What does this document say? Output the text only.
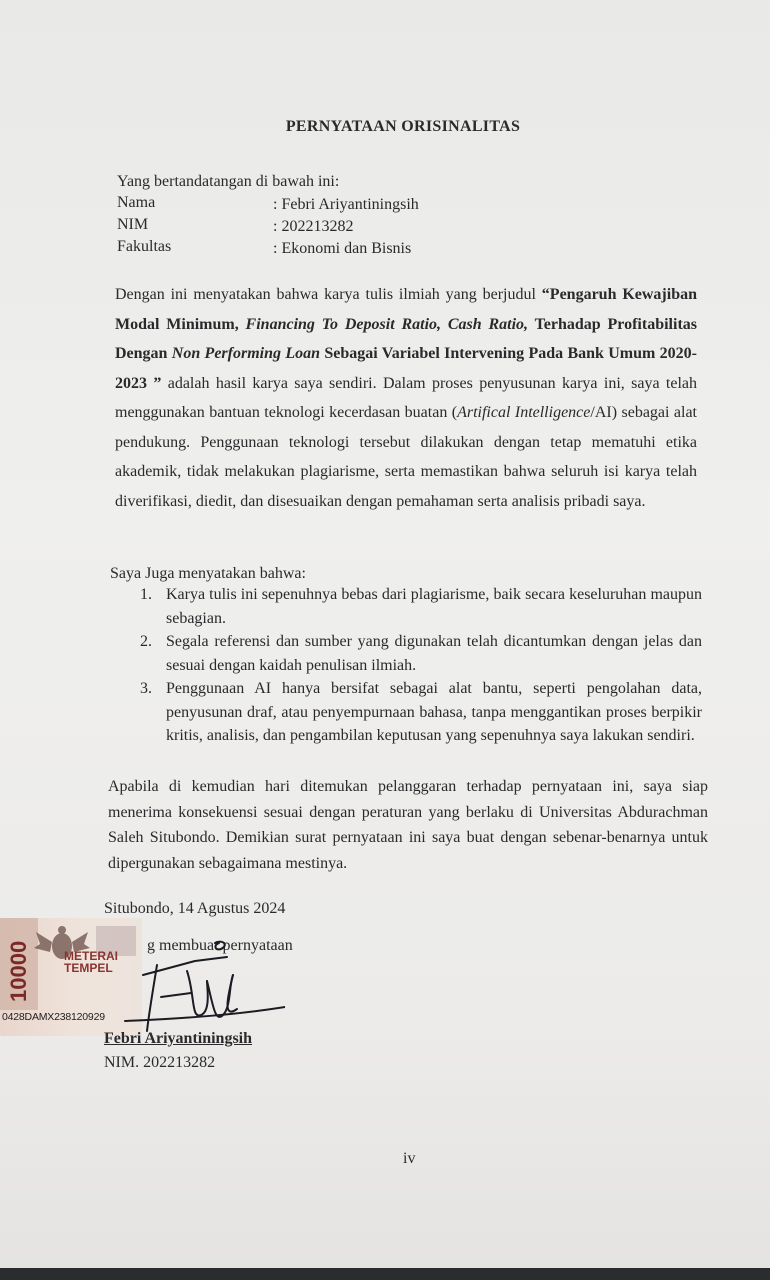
PERNYATAAN ORISINALITAS
Yang bertandatangan di bawah ini:
Nama	: Febri Ariyantiningsih
NIM	: 202213282
Fakultas	: Ekonomi dan Bisnis
Dengan ini menyatakan bahwa karya tulis ilmiah yang berjudul “Pengaruh Kewajiban Modal Minimum, Financing To Deposit Ratio, Cash Ratio, Terhadap Profitabilitas Dengan Non Performing Loan Sebagai Variabel Intervening Pada Bank Umum 2020-2023 ” adalah hasil karya saya sendiri. Dalam proses penyusunan karya ini, saya telah menggunakan bantuan teknologi kecerdasan buatan (Artifical Intelligence/AI) sebagai alat pendukung. Penggunaan teknologi tersebut dilakukan dengan tetap mematuhi etika akademik, tidak melakukan plagiarisme, serta memastikan bahwa seluruh isi karya telah diverifikasi, diedit, dan disesuaikan dengan pemahaman serta analisis pribadi saya.
Saya Juga menyatakan bahwa:
1. Karya tulis ini sepenuhnya bebas dari plagiarisme, baik secara keseluruhan maupun sebagian.
2. Segala referensi dan sumber yang digunakan telah dicantumkan dengan jelas dan sesuai dengan kaidah penulisan ilmiah.
3. Penggunaan AI hanya bersifat sebagai alat bantu, seperti pengolahan data, penyusunan draf, atau penyempurnaan bahasa, tanpa menggantikan proses berpikir kritis, analisis, dan pengambilan keputusan yang sepenuhnya saya lakukan sendiri.
Apabila di kemudian hari ditemukan pelanggaran terhadap pernyataan ini, saya siap menerima konsekuensi sesuai dengan peraturan yang berlaku di Universitas Abdurachman Saleh Situbondo. Demikian surat pernyataan ini saya buat dengan sebenar-benarnya untuk dipergunakan sebagaimana mestinya.
Situbondo, 14 Agustus 2024
g membuat pernyataan
10000	METERAI
TEMPEL
0428DAMX238120929
Febri Ariyantiningsih
NIM. 202213282
iv
